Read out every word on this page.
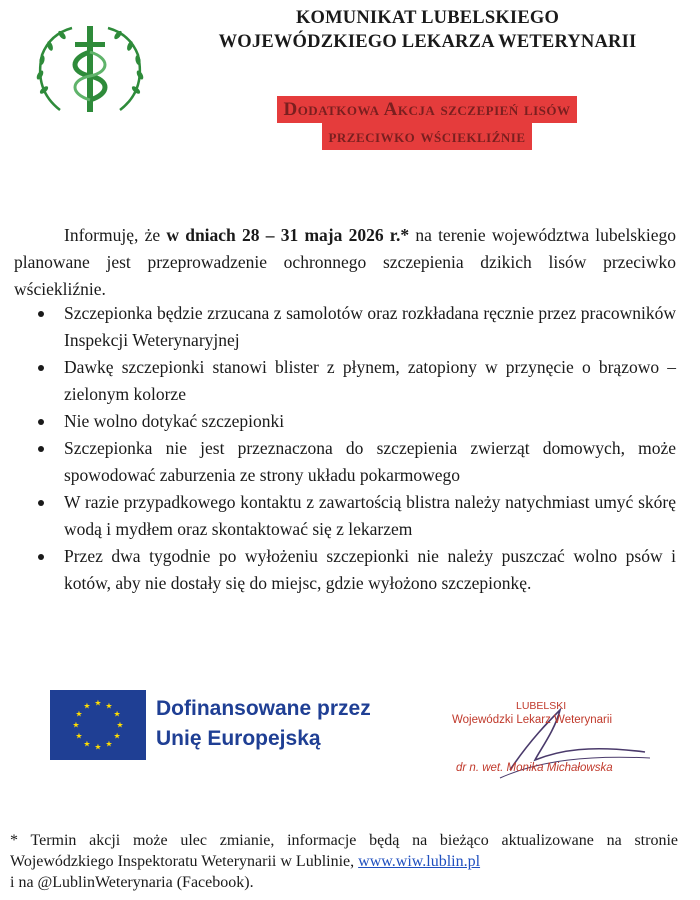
KOMUNIKAT LUBELSKIEGO
WOJEWÓDZKIEGO LEKARZA WETERYNARII
Dodatkowa Akcja szczepień lisów
przeciwko wściekliźnie
Informuję, że w dniach 28 – 31 maja 2026 r.* na terenie województwa lubelskiego planowane jest przeprowadzenie ochronnego szczepienia dzikich lisów przeciwko wściekliźnie.
Szczepionka będzie zrzucana z samolotów oraz rozkładana ręcznie przez pracowników Inspekcji Weterynaryjnej
Dawkę szczepionki stanowi blister z płynem, zatopiony w przynęcie o brązowo – zielonym kolorze
Nie wolno dotykać szczepionki
Szczepionka nie jest przeznaczona do szczepienia zwierząt domowych, może spowodować zaburzenia ze strony układu pokarmowego
W razie przypadkowego kontaktu z zawartością blistra należy natychmiast umyć skórę wodą i mydłem oraz skontaktować się z lekarzem
Przez dwa tygodnie po wyłożeniu szczepionki nie należy puszczać wolno psów i kotów, aby nie dostały się do miejsc, gdzie wyłożono szczepionkę.
★ ★
★
★
★
★
★
★
★
★
★
★	Dofinansowane przez
Unię Europejską
LUBELSKI
Wojewódzki Lekarz Weterynarii
dr n. wet. Monika Michałowska
* Termin akcji może ulec zmianie, informacje będą na bieżąco aktualizowane na stronie Wojewódzkiego Inspektoratu Weterynarii w Lublinie, www.wiw.lublin.pl
i na @LublinWeterynaria (Facebook).
